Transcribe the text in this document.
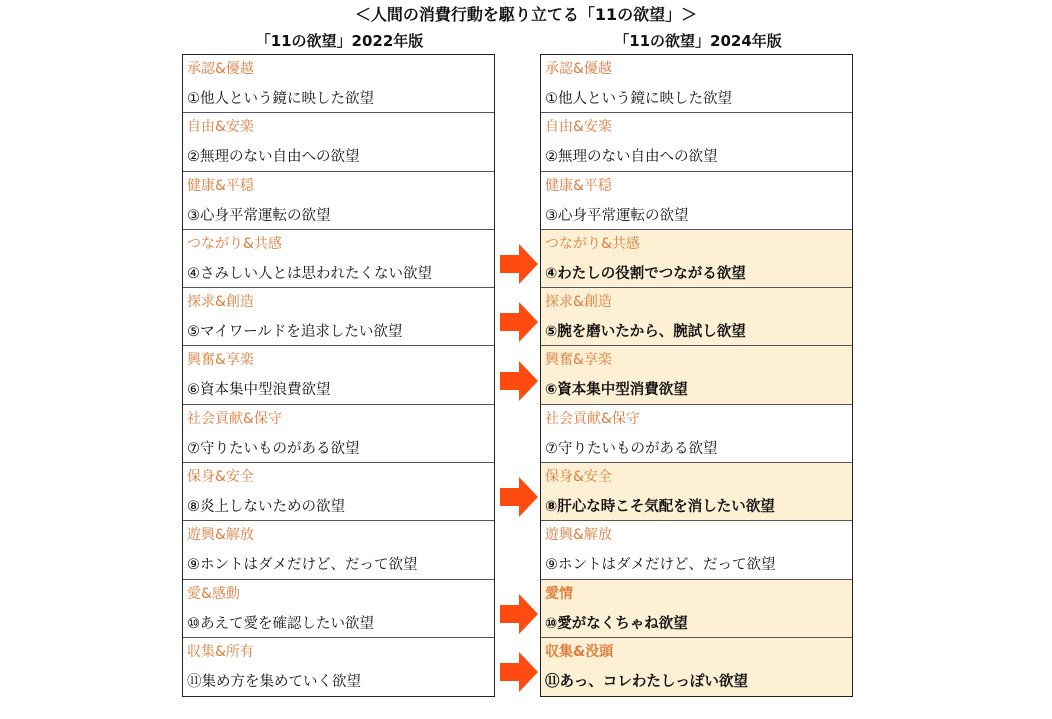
＜人間の消費行動を駆り立てる「11の欲望」＞
「11の欲望」2022年版	「11の欲望」2024年版
承認&優越
①他人という鏡に映した欲望
自由&安楽
②無理のない自由への欲望
健康&平穏
③心身平常運転の欲望
つながり&共感
④さみしい人とは思われたくない欲望
探求&創造
⑤マイワールドを追求したい欲望
興奮&享楽
⑥資本集中型浪費欲望
社会貢献&保守
⑦守りたいものがある欲望
保身&安全
⑧炎上しないための欲望
遊興&解放
⑨ホントはダメだけど、だって欲望
愛&感動
⑩あえて愛を確認したい欲望
収集&所有
⑪集め方を集めていく欲望
承認&優越
①他人という鏡に映した欲望
自由&安楽
②無理のない自由への欲望
健康&平穏
③心身平常運転の欲望
つながり&共感
④わたしの役割でつながる欲望
探求&創造
⑤腕を磨いたから、腕試し欲望
興奮&享楽
⑥資本集中型消費欲望
社会貢献&保守
⑦守りたいものがある欲望
保身&安全
⑧肝心な時こそ気配を消したい欲望
遊興&解放
⑨ホントはダメだけど、だって欲望
愛情
⑩愛がなくちゃね欲望
収集&没頭
⑪あっ、コレわたしっぽい欲望
